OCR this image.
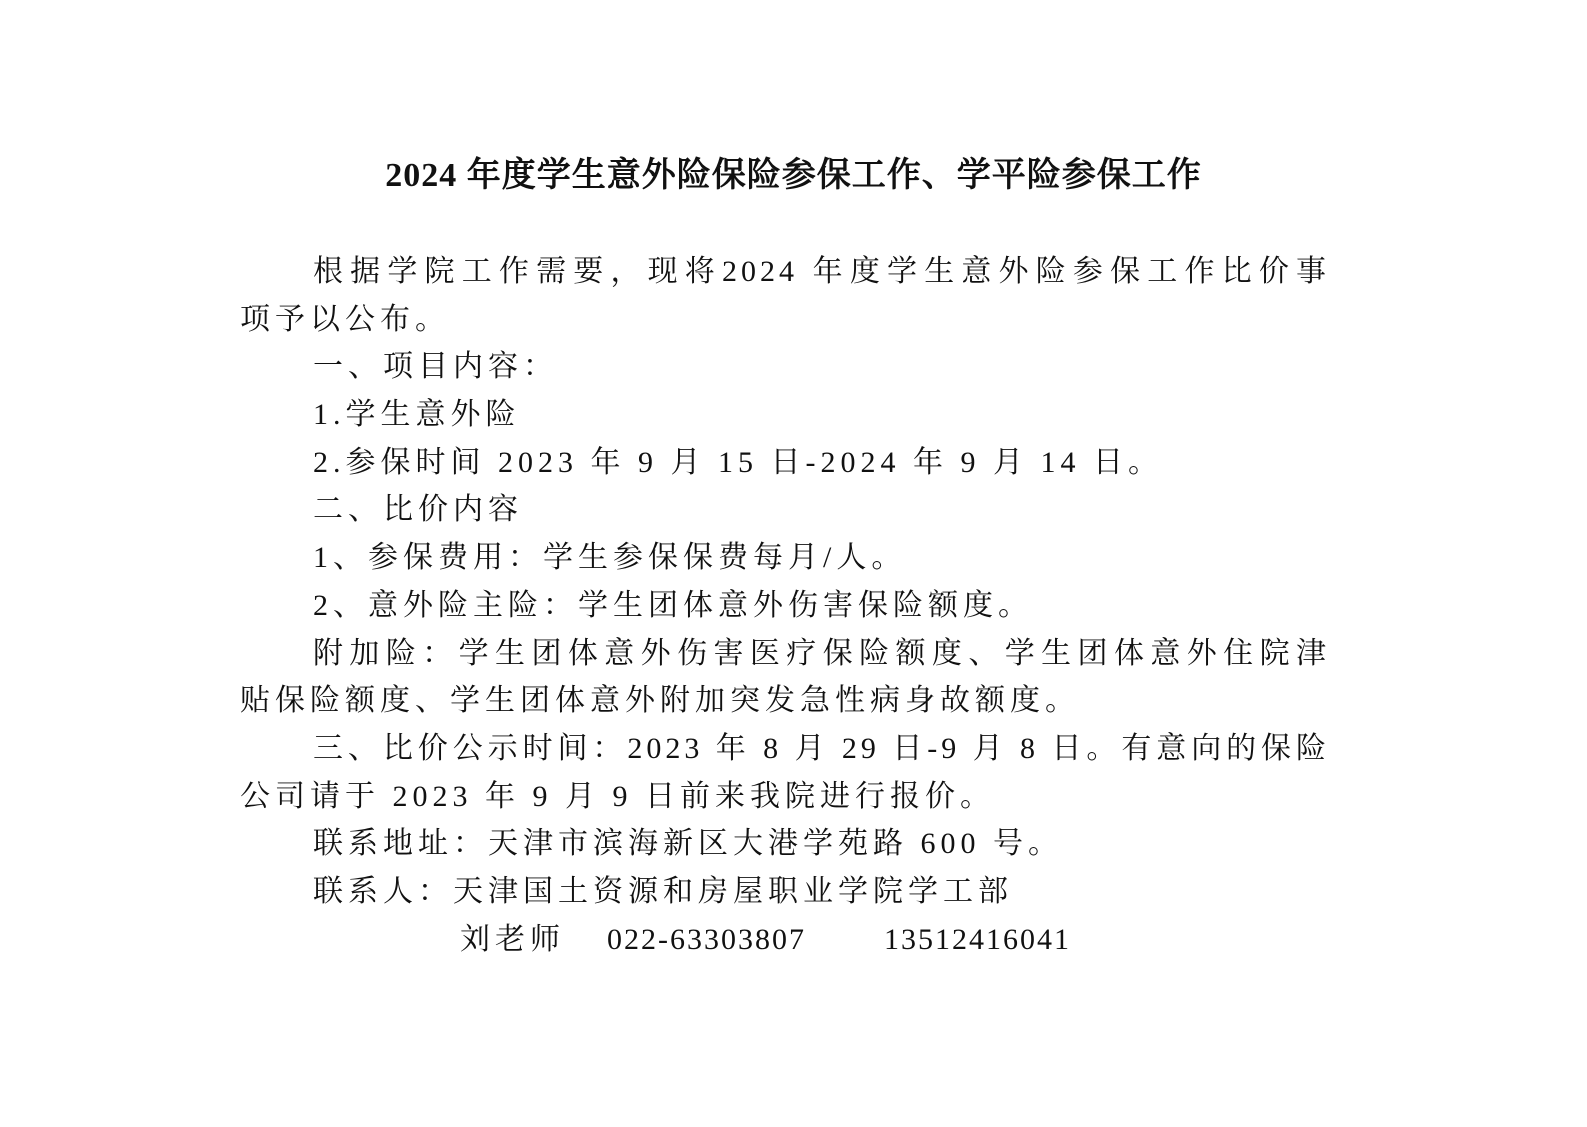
2024 年度学生意外险保险参保工作、学平险参保工作
根据学院工作需要，现将2024 年度学生意外险参保工作比价事
项予以公布。
一、项目内容：
1.学生意外险
2.参保时间 2023 年 9 月 15 日-2024 年 9 月 14 日。
二、比价内容
1、参保费用：学生参保保费每月/人。
2、意外险主险：学生团体意外伤害保险额度。
附加险：学生团体意外伤害医疗保险额度、学生团体意外住院津
贴保险额度、学生团体意外附加突发急性病身故额度。
三、比价公示时间：2023 年 8 月 29 日-9 月 8 日。有意向的保险
公司请于 2023 年 9 月 9 日前来我院进行报价。
联系地址：天津市滨海新区大港学苑路 600 号。
联系人：天津国土资源和房屋职业学院学工部
刘老师 022-63303807	13512416041
